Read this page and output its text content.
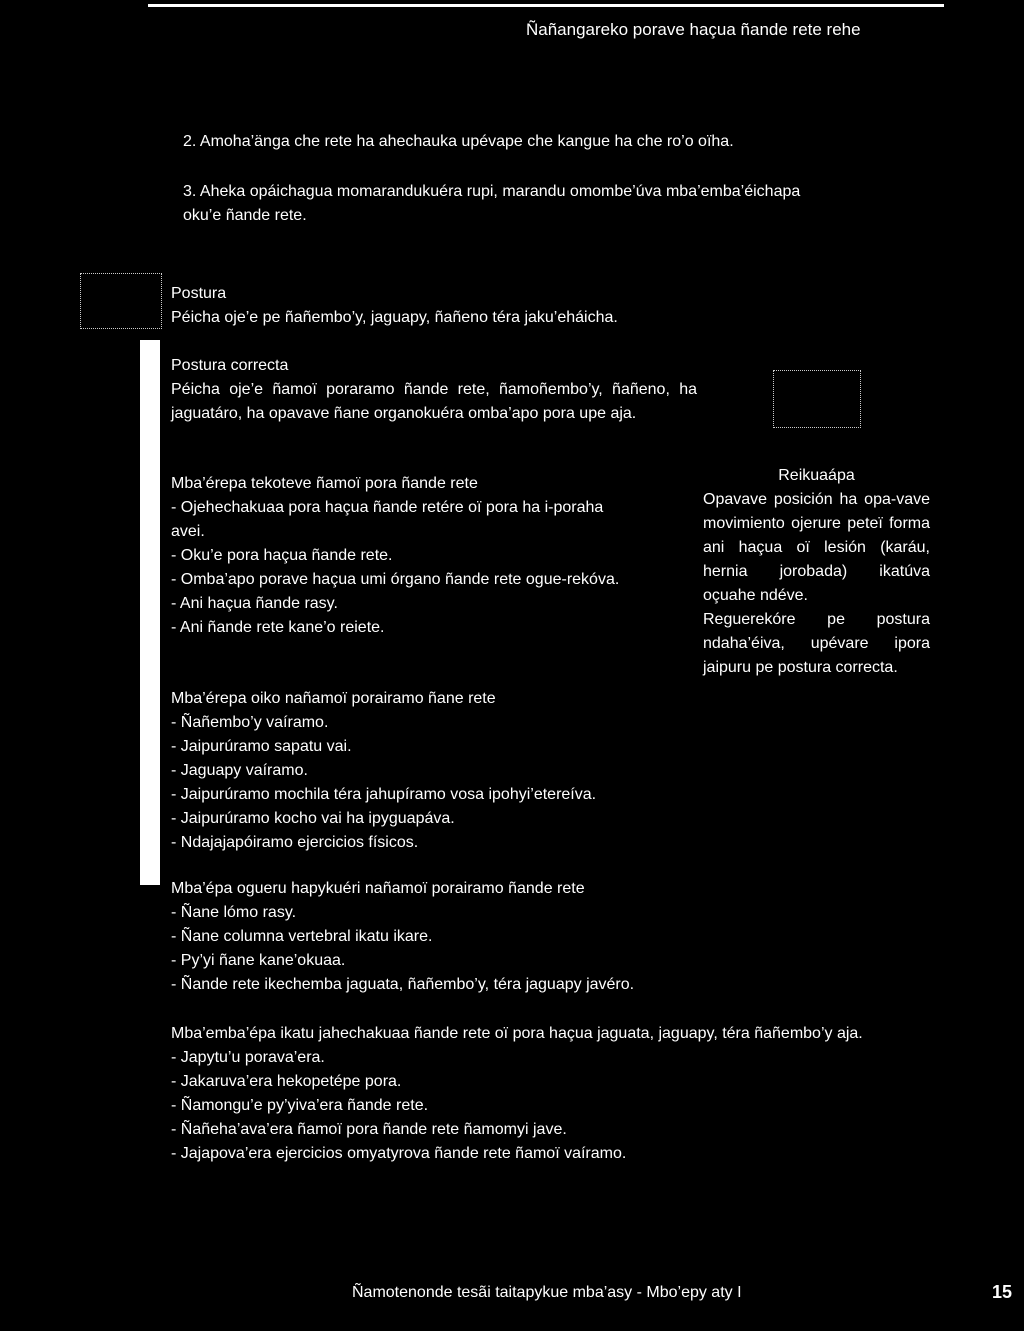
Ñañangareko porave haçua ñande rete rehe
2. Amoha’änga che rete ha ahechauka upévape che kangue ha che ro’o oïha.
3. Aheka opáichagua momarandukuéra rupi, marandu omombe’úva mba’emba’éichapa oku’e ñande rete.

Postura

Péicha oje’e pe ñañembo’y, jaguapy, ñañeno téra jaku’eháicha.

Postura correcta

Péicha oje’e ñamoï poraramo ñande rete, ñamoñembo’y, ñañeno, ha jaguatáro, ha opavave ñane organokuéra omba’apo pora upe aja.

Mba’érepa tekoteve ñamoï pora ñande rete

- Ojehechakuaa pora haçua ñande retére oï pora ha i-poraha avei.

- Oku’e pora haçua ñande rete.

- Omba’apo porave haçua umi órgano ñande rete ogue-rekóva.

- Ani haçua ñande rasy.

- Ani ñande rete kane’o reiete.

Mba’érepa oiko nañamoï porairamo ñane rete

- Ñañembo’y vaíramo.

- Jaipurúramo sapatu vai.

- Jaguapy vaíramo.

- Jaipurúramo mochila téra jahupíramo vosa ipohyi’etereíva.

- Jaipurúramo kocho vai ha ipyguapáva.

- Ndajajapóiramo ejercicios físicos.

Mba’épa ogueru hapykuéri nañamoï porairamo ñande rete

- Ñane lómo rasy.

- Ñane columna vertebral ikatu ikare.

- Py’yi ñane kane’okuaa.

- Ñande rete ikechemba jaguata, ñañembo’y, téra jaguapy javéro.

Mba’emba’épa ikatu jahechakuaa ñande rete oï pora haçua jaguata, jaguapy, téra ñañembo’y aja.

- Japytu’u porava’era.

- Jakaruva’era hekopetépe pora.

- Ñamongu’e py’yiva’era ñande rete.

- Ñañeha’ava’era ñamoï pora ñande rete ñamomyi jave.

- Jajapova’era ejercicios omyatyrova ñande rete ñamoï vaíramo.

Reikuaápa

Opavave posición ha opa-vave movimiento ojerure peteï forma ani haçua oï lesión (karáu, hernia jorobada) ikatúva oçuahe ndéve.

Reguerekóre pe postura ndaha’éiva, upévare ipora jaipuru pe postura correcta.

Ñamotenonde tesãi taitapykue mba’asy - Mbo’epy aty I	15
